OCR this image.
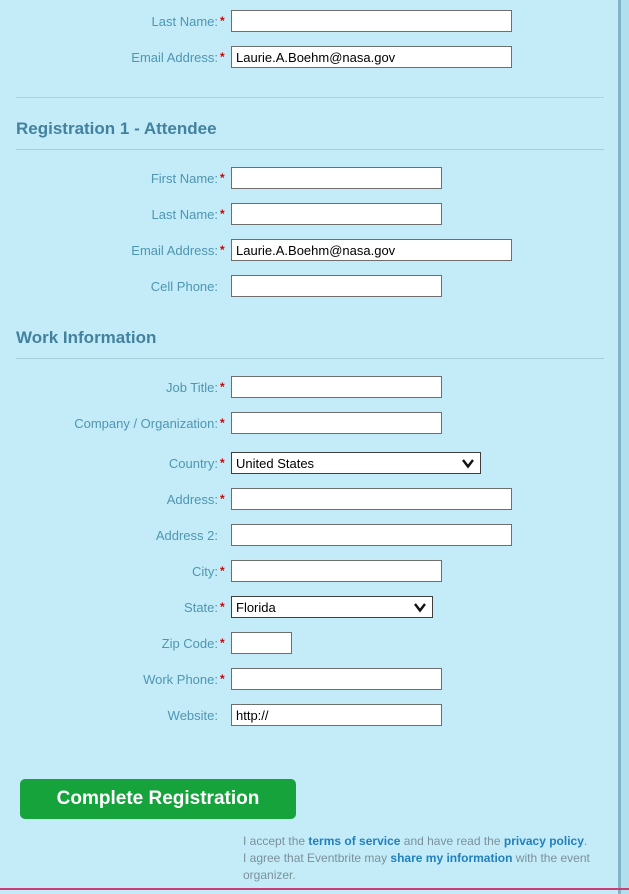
Last Name: *
Email Address: *
Laurie.A.Boehm@nasa.gov
Registration 1 - Attendee
First Name: *
Last Name: *
Email Address: *
Laurie.A.Boehm@nasa.gov
Cell Phone:
Work Information
Job Title: *
Company / Organization: *
Country: * United States
Address: *
Address 2:
City: *
State: * Florida
Zip Code: *
Work Phone: *
Website:
http://
Complete Registration
I accept the terms of service and have read the privacy policy. I agree that Eventbrite may share my information with the event organizer.
